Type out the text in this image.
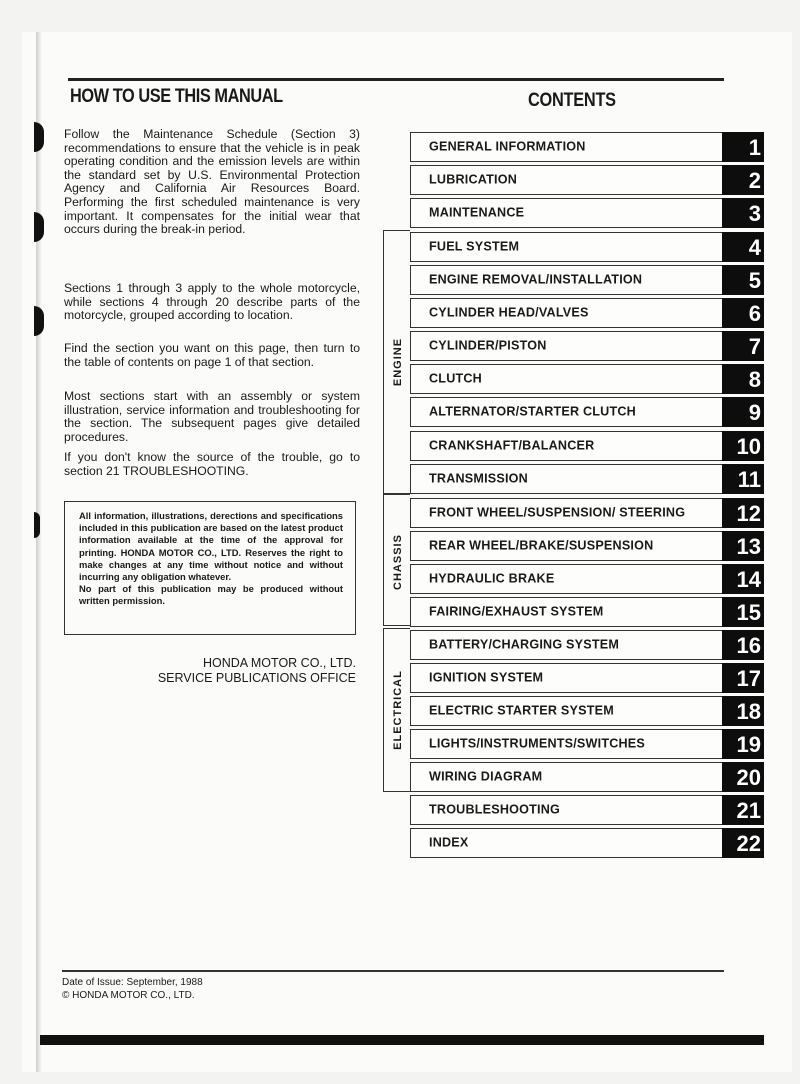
HOW TO USE THIS MANUAL	CONTENTS

Follow the Maintenance Schedule (Section 3) recommendations to ensure that the vehicle is in peak operating condition and the emission levels are within the standard set by U.S. Environmental Protection Agency and California Air Resources Board. Performing the first scheduled maintenance is very important. It compensates for the initial wear that occurs during the break-in period.

Sections 1 through 3 apply to the whole motorcycle, while sections 4 through 20 describe parts of the motorcycle, grouped according to location.

Find the section you want on this page, then turn to the table of contents on page 1 of that section.

Most sections start with an assembly or system illustration, service information and troubleshooting for the section. The subsequent pages give detailed procedures.

If you don't know the source of the trouble, go to section 21 TROUBLESHOOTING.

All information, illustrations, derections and specifications included in this publication are based on the latest product information available at the time of the approval for printing. HONDA MOTOR CO., LTD. Reserves the right to make changes at any time without notice and without incurring any obligation whatever.

No part of this publication may be produced without written permission.

HONDA MOTOR CO., LTD.
SERVICE PUBLICATIONS OFFICE
ENGINE
CHASSIS
ELECTRICAL
GENERAL INFORMATION	1
LUBRICATION	2
MAINTENANCE	3
FUEL SYSTEM	4
ENGINE REMOVAL/INSTALLATION	5
CYLINDER HEAD/VALVES	6
CYLINDER/PISTON	7
CLUTCH	8
ALTERNATOR/STARTER CLUTCH	9
CRANKSHAFT/BALANCER	10
TRANSMISSION	11
FRONT WHEEL/SUSPENSION/ STEERING	12
REAR WHEEL/BRAKE/SUSPENSION	13
HYDRAULIC BRAKE	14
FAIRING/EXHAUST SYSTEM	15
BATTERY/CHARGING SYSTEM	16
IGNITION SYSTEM	17
ELECTRIC STARTER SYSTEM	18
LIGHTS/INSTRUMENTS/SWITCHES	19
WIRING DIAGRAM	20
TROUBLESHOOTING	21
INDEX	22
Date of Issue: September, 1988
© HONDA MOTOR CO., LTD.
